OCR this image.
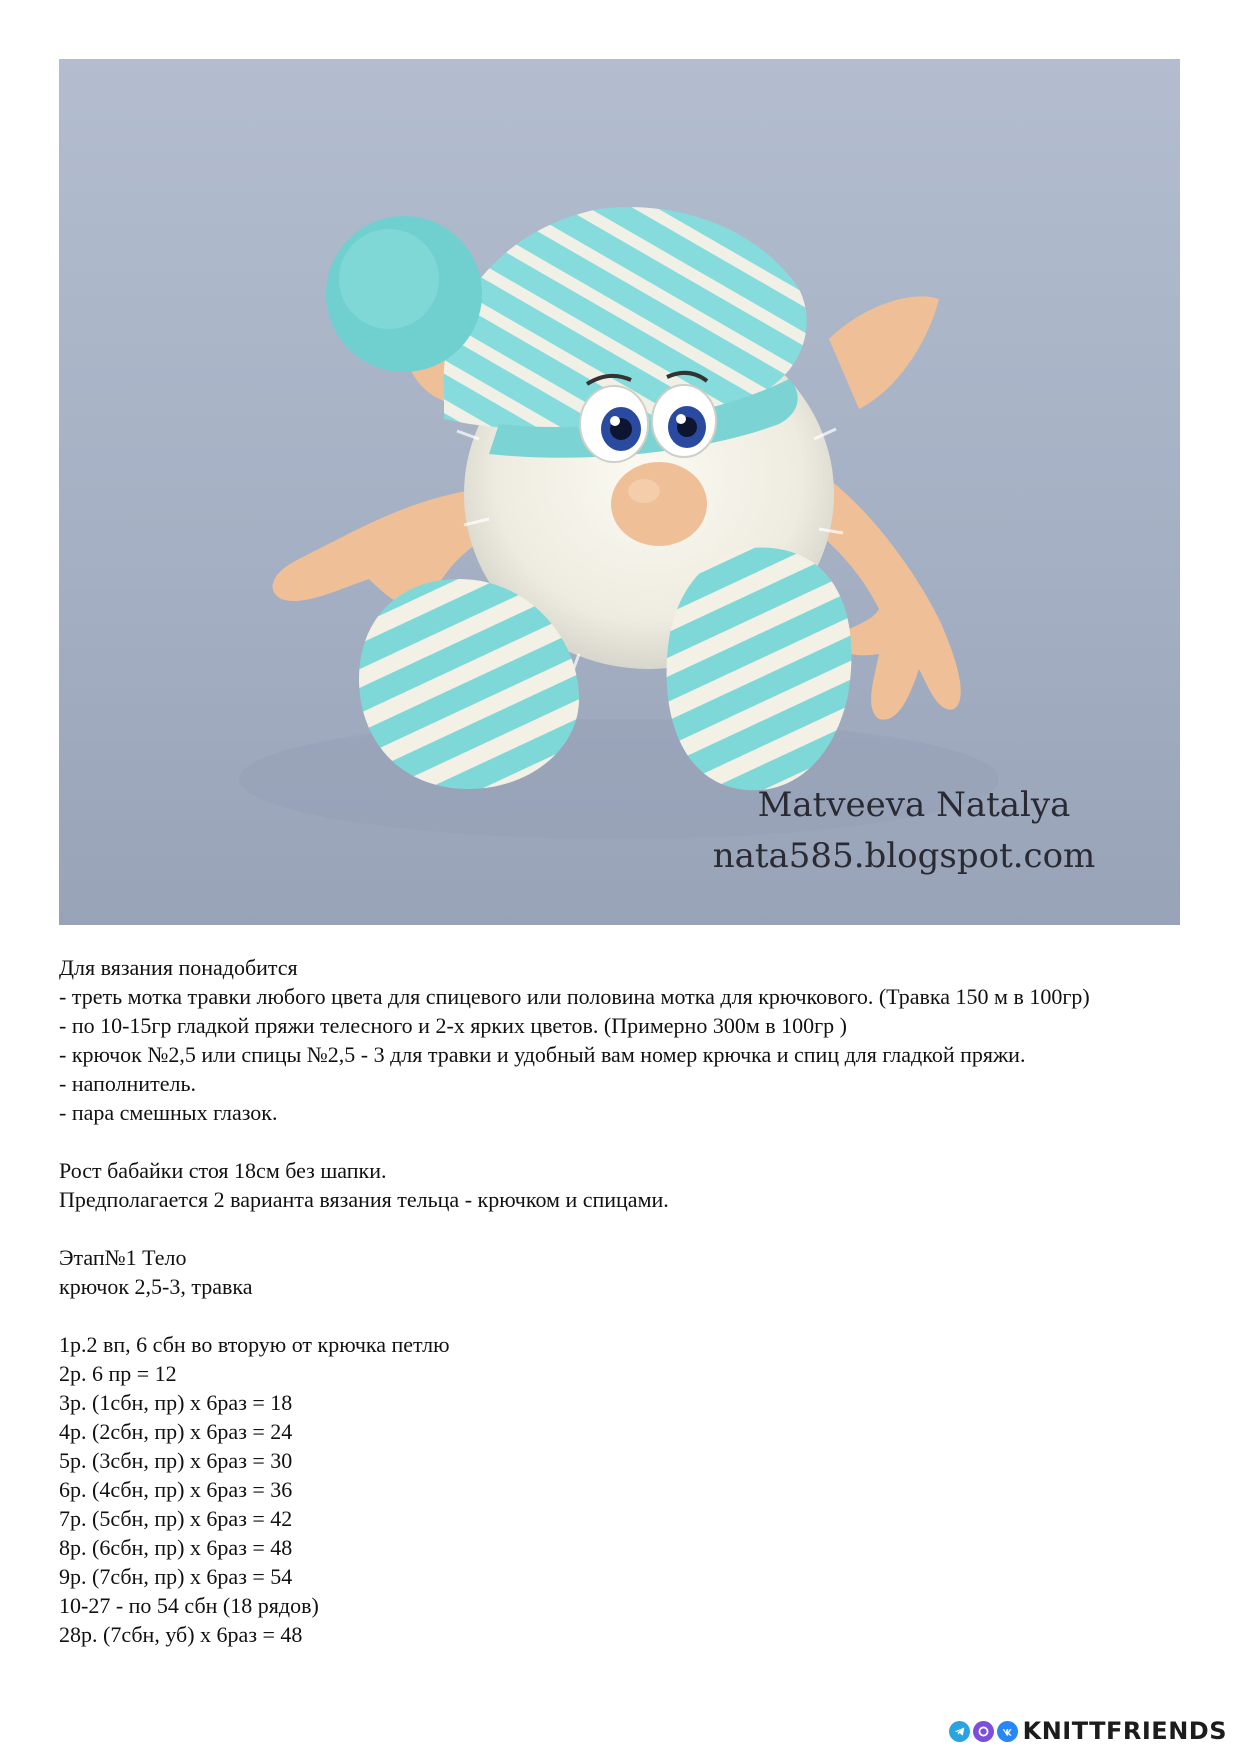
Matveeva Natalya
nata585.blogspot.com

Для вязания понадобится

- треть мотка травки любого цвета для спицевого или половина мотка для крючкового. (Травка 150 м в 100гр)

- по 10-15гр гладкой пряжи телесного и 2-х ярких цветов. (Примерно 300м в 100гр )

- крючок №2,5 или спицы №2,5 - 3 для травки и удобный вам номер крючка и спиц для гладкой пряжи.

- наполнитель.

- пара смешных глазок.

Рост бабайки стоя 18см без шапки.

Предполагается 2 варианта вязания тельца - крючком и спицами.

Этап№1 Тело

крючок 2,5-3, травка

1р.2 вп, 6 сбн во вторую от крючка петлю

2р. 6 пр = 12

3р. (1сбн, пр) х 6раз = 18

4р. (2сбн, пр) х 6раз = 24

5р. (3сбн, пр) х 6раз = 30

6р. (4сбн, пр) х 6раз = 36

7р. (5сбн, пр) х 6раз = 42

8р. (6сбн, пр) х 6раз = 48

9р. (7сбн, пр) х 6раз = 54

10-27 - по 54 сбн (18 рядов)

28р. (7сбн, уб) х 6раз = 48

KNITTFRIENDS
